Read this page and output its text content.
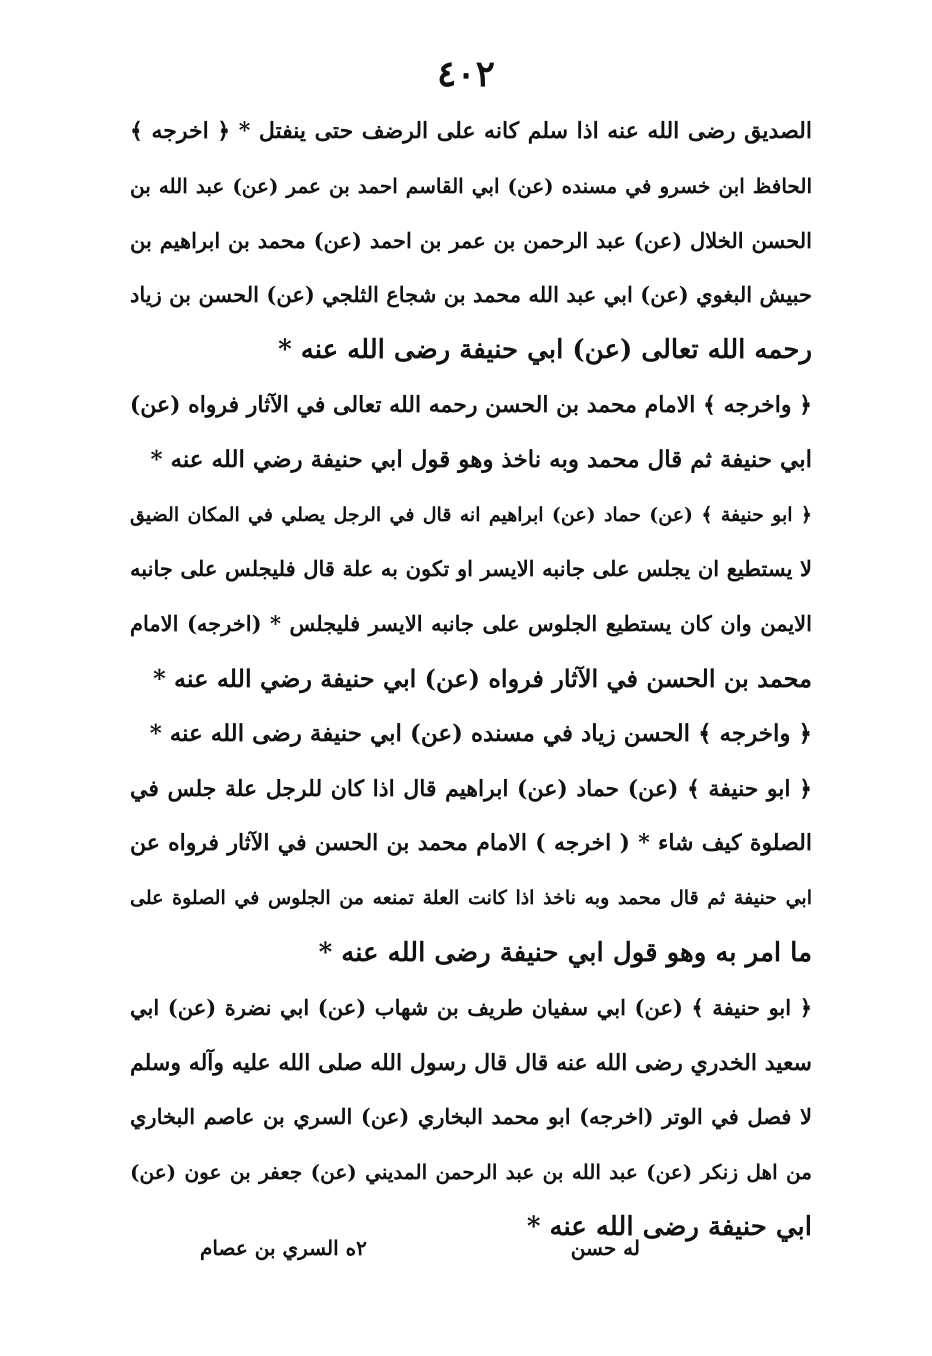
٤٠٢
الصديق رضى الله عنه اذا سلم كانه على الرضف حتى ينفتل * ﴿ اخرجه ﴾
الحافظ ابن خسرو في مسنده (عن) ابي القاسم احمد بن عمر (عن) عبد الله بن
الحسن الخلال (عن) عبد الرحمن بن عمر بن احمد (عن) محمد بن ابراهيم بن
حبيش البغوي (عن) ابي عبد الله محمد بن شجاع الثلجي (عن) الحسن بن زياد
رحمه الله تعالى (عن) ابي حنيفة رضى الله عنه *
﴿ واخرجه ﴾ الامام محمد بن الحسن رحمه الله تعالى في الآثار فرواه (عن)
ابي حنيفة ثم قال محمد وبه ناخذ وهو قول ابي حنيفة رضي الله عنه *
﴿ ابو حنيفة ﴾ (عن) حماد (عن) ابراهيم انه قال في الرجل يصلي في المكان الضيق
لا يستطيع ان يجلس على جانبه الايسر او تكون به علة قال فليجلس على جانبه
الايمن وان كان يستطيع الجلوس على جانبه الايسر فليجلس * (اخرجه) الامام
محمد بن الحسن في الآثار فرواه (عن) ابي حنيفة رضي الله عنه *
﴿ واخرجه ﴾ الحسن زياد في مسنده (عن) ابي حنيفة رضى الله عنه *
﴿ ابو حنيفة ﴾ (عن) حماد (عن) ابراهيم قال اذا كان للرجل علة جلس في
الصلوة كيف شاء * ( اخرجه ) الامام محمد بن الحسن في الآثار فرواه عن
ابي حنيفة ثم قال محمد وبه ناخذ اذا كانت العلة تمنعه من الجلوس في الصلوة على
ما امر به وهو قول ابي حنيفة رضى الله عنه *
﴿ ابو حنيفة ﴾ (عن) ابي سفيان طريف بن شهاب (عن) ابي نضرة (عن) ابي
سعيد الخدري رضى الله عنه قال قال رسول الله صلى الله عليه وآله وسلم
لا فصل في الوتر (اخرجه) ابو محمد البخاري (عن) السري بن عاصم البخاري
من اهل زنكر (عن) عبد الله بن عبد الرحمن المديني (عن) جعفر بن عون (عن)
ابي حنيفة رضى الله عنه *
له حسن
٢ه السري بن عصام
